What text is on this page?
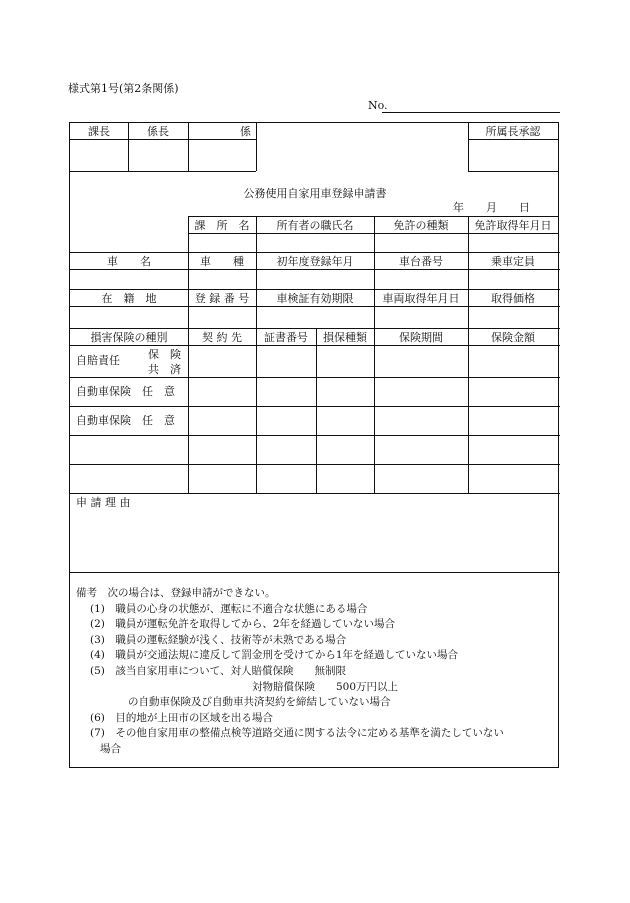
様式第1号(第2条関係)
No.
課長	係長	係	所属長承認
公務使用自家用車登録申請書
年　　月　　日
課　所　名	所有者の職氏名	免許の種類	免許取得年月日
車　　名	車　　種	初年度登録年月	車台番号	乗車定員
在　籍　地	登 録 番 号	車検証有効期限	車両取得年月日	取得価格
損害保険の種別	契 約 先	証書番号	損保種類	保険期間	保険金額
自賠責任	保　険
共　済
自動車保険　任　意
自動車保険　任　意
申 請 理 由
備考　次の場合は、登録申請ができない。
(1)　職員の心身の状態が、運転に不適合な状態にある場合
(2)　職員が運転免許を取得してから、2年を経過していない場合
(3)　職員の運転経験が浅く、技術等が未熟である場合
(4)　職員が交通法規に違反して罰金刑を受けてから1年を経過していない場合
(5)　該当自家用車について、対人賠償保険　　無制限
対物賠償保険　　500万円以上
の自動車保険及び自動車共済契約を締結していない場合
(6)　目的地が上田市の区域を出る場合
(7)　その他自家用車の整備点検等道路交通に関する法令に定める基準を満たしていない
場合
